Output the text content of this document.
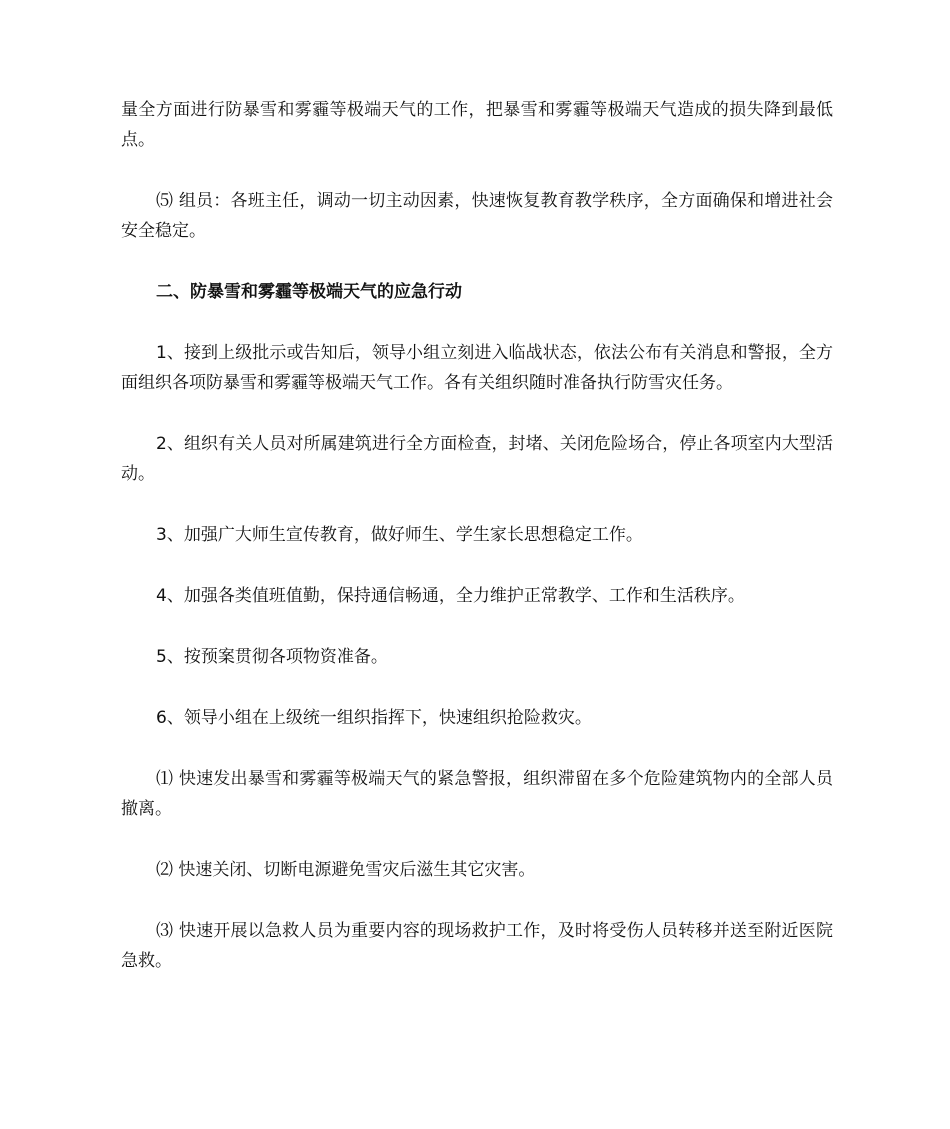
量全方面进行防暴雪和雾霾等极端天气的工作，把暴雪和雾霾等极端天气造成的损失降到最低点。

⑸ 组员：各班主任，调动一切主动因素，快速恢复教育教学秩序，全方面确保和增进社会安全稳定。

二、防暴雪和雾霾等极端天气的应急行动

1、接到上级批示或告知后，领导小组立刻进入临战状态，依法公布有关消息和警报，全方面组织各项防暴雪和雾霾等极端天气工作。各有关组织随时准备执行防雪灾任务。

2、组织有关人员对所属建筑进行全方面检查，封堵、关闭危险场合，停止各项室内大型活动。

3、加强广大师生宣传教育，做好师生、学生家长思想稳定工作。

4、加强各类值班值勤，保持通信畅通，全力维护正常教学、工作和生活秩序。

5、按预案贯彻各项物资准备。

6、领导小组在上级统一组织指挥下，快速组织抢险救灾。

⑴ 快速发出暴雪和雾霾等极端天气的紧急警报，组织滞留在多个危险建筑物内的全部人员撤离。

⑵ 快速关闭、切断电源避免雪灾后滋生其它灾害。

⑶ 快速开展以急救人员为重要内容的现场救护工作，及时将受伤人员转移并送至附近医院急救。
